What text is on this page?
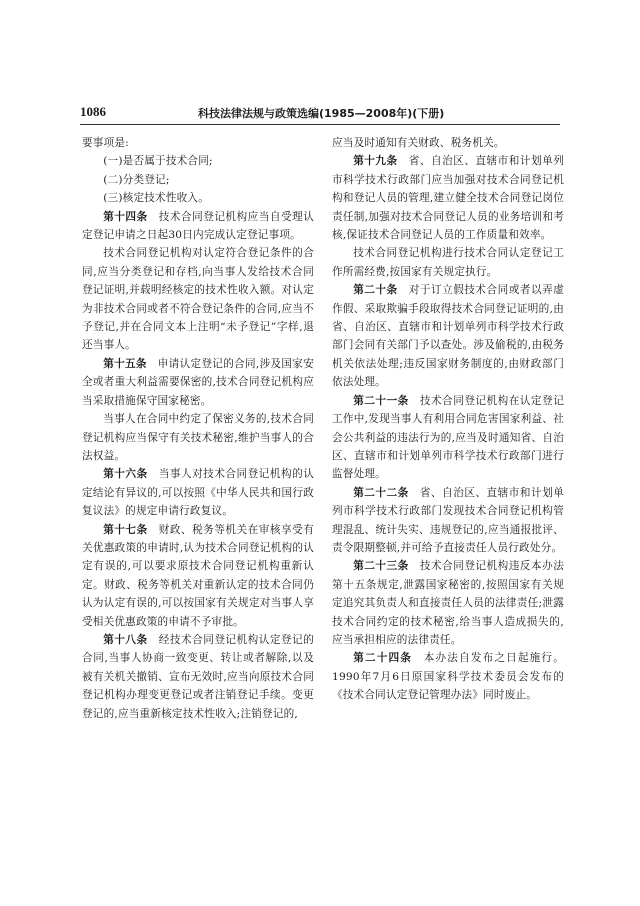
1086	科技法律法规与政策选编(1985—2008年)(下册)

要事项是:

(一)是否属于技术合同;

(二)分类登记;

(三)核定技术性收入。

第十四条　 技术合同登记机构应当自受理认定登记申请之日起30日内完成认定登记事项。

技术合同登记机构对认定符合登记条件的合同,应当分类登记和存档,向当事人发给技术合同登记证明,并载明经核定的技术性收入额。对认定为非技术合同或者不符合登记条件的合同,应当不予登记,并在合同文本上注明“未予登记”字样,退还当事人。

第十五条　 申请认定登记的合同,涉及国家安全或者重大利益需要保密的,技术合同登记机构应当采取措施保守国家秘密。

当事人在合同中约定了保密义务的,技术合同登记机构应当保守有关技术秘密,维护当事人的合法权益。

第十六条　 当事人对技术合同登记机构的认定结论有异议的,可以按照《中华人民共和国行政复议法》的规定申请行政复议。

第十七条　 财政、税务等机关在审核享受有关优惠政策的申请时,认为技术合同登记机构的认定有误的,可以要求原技术合同登记机构重新认定。财政、税务等机关对重新认定的技术合同仍认为认定有误的,可以按国家有关规定对当事人享受相关优惠政策的申请不予审批。

第十八条　 经技术合同登记机构认定登记的合同,当事人协商一致变更、转让或者解除,以及被有关机关撤销、宣布无效时,应当向原技术合同登记机构办理变更登记或者注销登记手续。变更登记的,应当重新核定技术性收入;注销登记的,

应当及时通知有关财政、税务机关。

第十九条　 省、自治区、直辖市和计划单列市科学技术行政部门应当加强对技术合同登记机构和登记人员的管理,建立健全技术合同登记岗位责任制,加强对技术合同登记人员的业务培训和考核,保证技术合同登记人员的工作质量和效率。

技术合同登记机构进行技术合同认定登记工作所需经费,按国家有关规定执行。

第二十条　 对于订立假技术合同或者以弄虚作假、采取欺骗手段取得技术合同登记证明的,由省、自治区、直辖市和计划单列市科学技术行政部门会同有关部门予以查处。涉及偷税的,由税务机关依法处理;违反国家财务制度的,由财政部门依法处理。

第二十一条　 技术合同登记机构在认定登记工作中,发现当事人有利用合同危害国家利益、社会公共利益的违法行为的,应当及时通知省、自治区、直辖市和计划单列市科学技术行政部门进行监督处理。

第二十二条　 省、自治区、直辖市和计划单列市科学技术行政部门发现技术合同登记机构管理混乱、统计失实、违规登记的,应当通报批评、责令限期整顿,并可给予直接责任人员行政处分。

第二十三条　 技术合同登记机构违反本办法第十五条规定,泄露国家秘密的,按照国家有关规定追究其负责人和直接责任人员的法律责任;泄露技术合同约定的技术秘密,给当事人造成损失的,应当承担相应的法律责任。

第二十四条　 本办法自发布之日起施行。1990年7月6日原国家科学技术委员会发布的《技术合同认定登记管理办法》同时废止。
